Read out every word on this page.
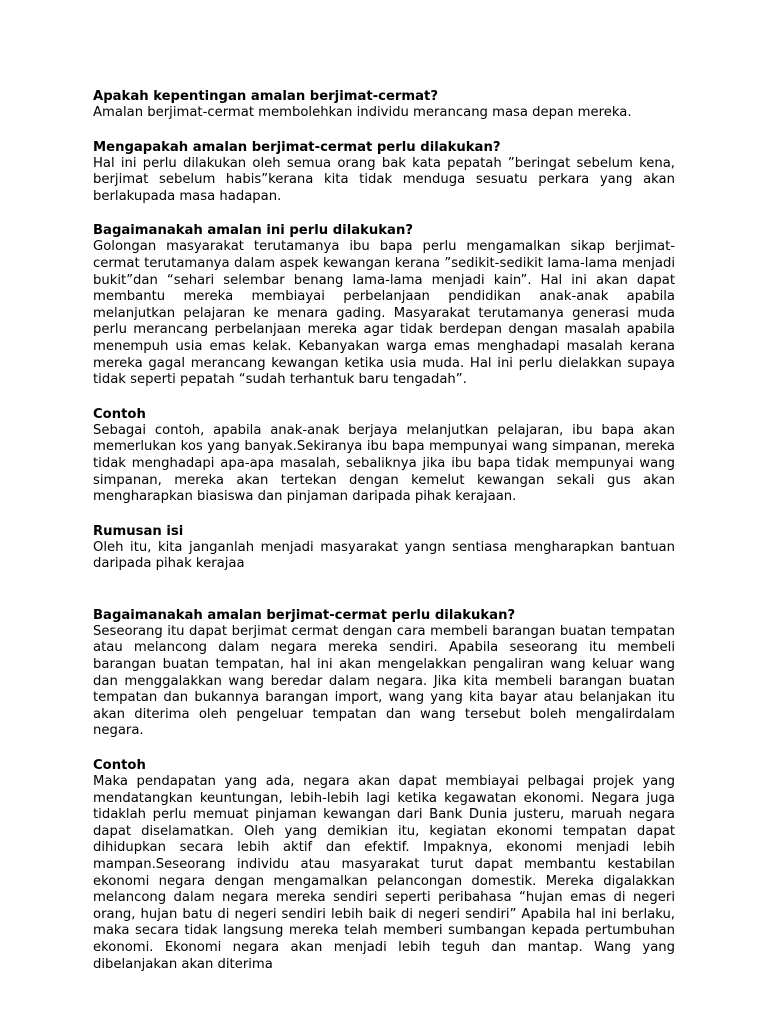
Apakah kepentingan amalan berjimat-cermat?

Amalan berjimat-cermat membolehkan individu merancang masa depan mereka.

Mengapakah amalan berjimat-cermat perlu dilakukan?

Hal ini perlu dilakukan oleh semua orang bak kata pepatah ”beringat sebelum kena, berjimat sebelum habis”kerana kita tidak menduga sesuatu perkara yang akan berlakupada masa hadapan.

Bagaimanakah amalan ini perlu dilakukan?

Golongan masyarakat terutamanya ibu bapa perlu mengamalkan sikap berjimat-cermat terutamanya dalam aspek kewangan kerana ”sedikit-sedikit lama-lama menjadi bukit”dan “sehari selembar benang lama-lama menjadi kain”. Hal ini akan dapat membantu mereka membiayai perbelanjaan pendidikan anak-anak apabila melanjutkan pelajaran ke menara gading. Masyarakat terutamanya generasi muda perlu merancang perbelanjaan mereka agar tidak berdepan dengan masalah apabila menempuh usia emas kelak. Kebanyakan warga emas menghadapi masalah kerana mereka gagal merancang kewangan ketika usia muda. Hal ini perlu dielakkan supaya tidak seperti pepatah “sudah terhantuk baru tengadah”.

Contoh

Sebagai contoh, apabila anak-anak berjaya melanjutkan pelajaran, ibu bapa akan memerlukan kos yang banyak.Sekiranya ibu bapa mempunyai wang simpanan, mereka tidak menghadapi apa-apa masalah, sebaliknya jika ibu bapa tidak mempunyai wang simpanan, mereka akan tertekan dengan kemelut kewangan sekali gus akan mengharapkan biasiswa dan pinjaman daripada pihak kerajaan.

Rumusan isi

Oleh itu, kita janganlah menjadi masyarakat yangn sentiasa mengharapkan bantuan daripada pihak kerajaa

Bagaimanakah amalan berjimat-cermat perlu dilakukan?

Seseorang itu dapat berjimat cermat dengan cara membeli barangan buatan tempatan atau melancong dalam negara mereka sendiri. Apabila seseorang itu membeli barangan buatan tempatan, hal ini akan mengelakkan pengaliran wang keluar wang dan menggalakkan wang beredar dalam negara. Jika kita membeli barangan buatan tempatan dan bukannya barangan import, wang yang kita bayar atau belanjakan itu akan diterima oleh pengeluar tempatan dan wang tersebut boleh mengalirdalam negara.

Contoh

Maka pendapatan yang ada, negara akan dapat membiayai pelbagai projek yang mendatangkan keuntungan, lebih-lebih lagi ketika kegawatan ekonomi. Negara juga tidaklah perlu memuat pinjaman kewangan dari Bank Dunia justeru, maruah negara dapat diselamatkan. Oleh yang demikian itu, kegiatan ekonomi tempatan dapat dihidupkan secara lebih aktif dan efektif. Impaknya, ekonomi menjadi lebih mampan.Seseorang individu atau masyarakat turut dapat membantu kestabilan ekonomi negara dengan mengamalkan pelancongan domestik. Mereka digalakkan melancong dalam negara mereka sendiri seperti peribahasa “hujan emas di negeri orang, hujan batu di negeri sendiri lebih baik di negeri sendiri” Apabila hal ini berlaku, maka secara tidak langsung mereka telah memberi sumbangan kepada pertumbuhan ekonomi. Ekonomi negara akan menjadi lebih teguh dan mantap. Wang yang dibelanjakan akan diterima
